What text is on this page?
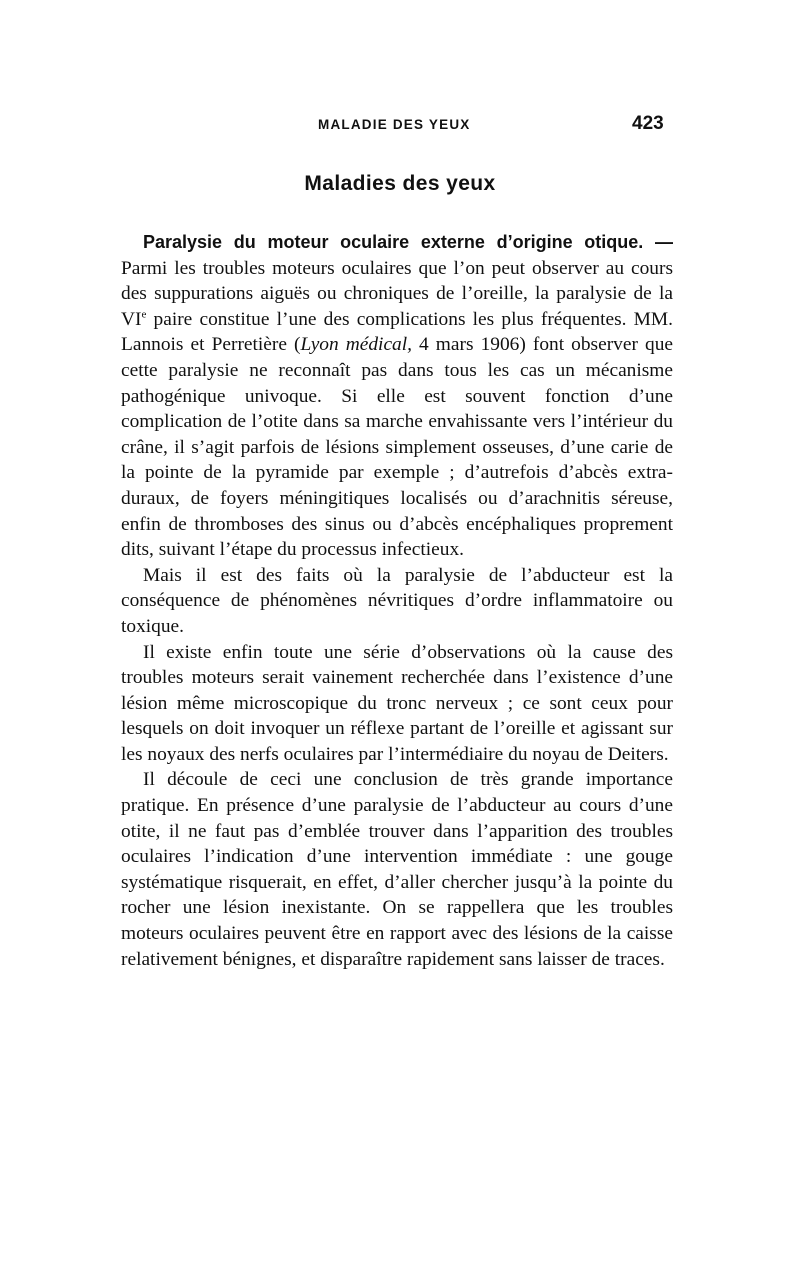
MALADIE DES YEUX	423
Maladies des yeux

Paralysie du moteur oculaire externe d’origine otique. — Parmi les troubles moteurs oculaires que l’on peut observer au cours des suppurations aiguës ou chroniques de l’oreille, la paralysie de la VIe paire constitue l’une des complications les plus fréquentes. MM. Lannois et Perretière (Lyon médical, 4 mars 1906) font observer que cette paralysie ne reconnaît pas dans tous les cas un mécanisme pathogénique univoque. Si elle est souvent fonction d’une complication de l’otite dans sa marche envahissante vers l’intérieur du crâne, il s’agit parfois de lésions simplement osseuses, d’une carie de la pointe de la pyramide par exemple ; d’autrefois d’abcès extra-duraux, de foyers méningitiques localisés ou d’arachnitis séreuse, enfin de thromboses des sinus ou d’abcès encéphaliques proprement dits, suivant l’étape du processus infectieux.

Mais il est des faits où la paralysie de l’abducteur est la conséquence de phénomènes névritiques d’ordre inflammatoire ou toxique.

Il existe enfin toute une série d’observations où la cause des troubles moteurs serait vainement recherchée dans l’existence d’une lésion même microscopique du tronc nerveux ; ce sont ceux pour lesquels on doit invoquer un réflexe partant de l’oreille et agissant sur les noyaux des nerfs oculaires par l’intermédiaire du noyau de Deiters.

Il découle de ceci une conclusion de très grande importance pratique. En présence d’une paralysie de l’abducteur au cours d’une otite, il ne faut pas d’emblée trouver dans l’apparition des troubles oculaires l’indication d’une intervention immédiate : une gouge systématique risquerait, en effet, d’aller chercher jusqu’à la pointe du rocher une lésion inexistante. On se rappellera que les troubles moteurs oculaires peuvent être en rapport avec des lésions de la caisse relativement bénignes, et disparaître rapidement sans laisser de traces.
